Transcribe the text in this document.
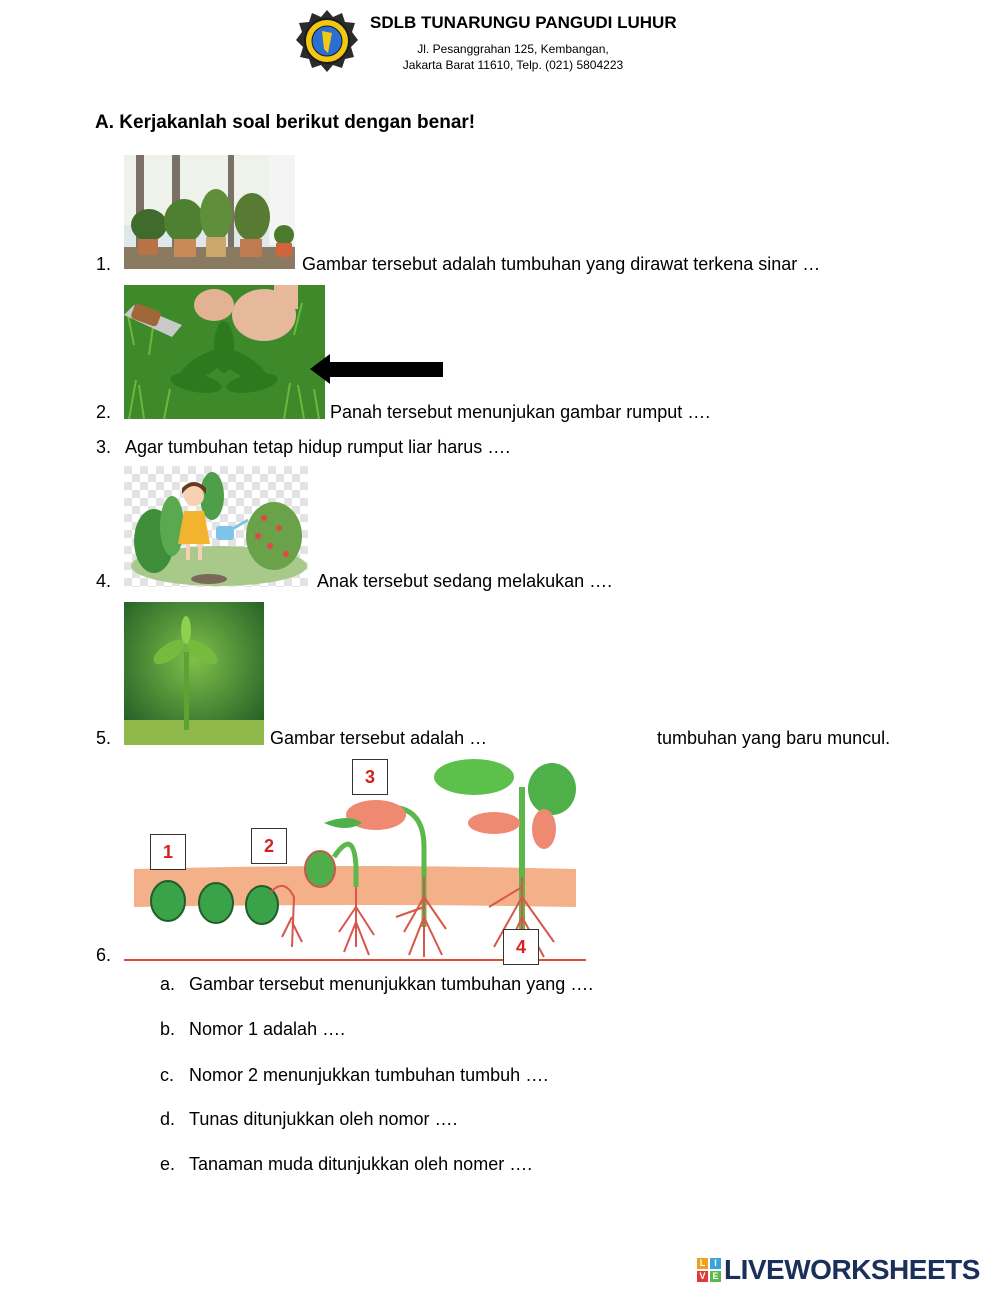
SDLB TUNARUNGU PANGUDI LUHUR
Jl. Pesanggrahan 125, Kembangan,
Jakarta Barat 11610, Telp. (021) 5804223
A. Kerjakanlah soal berikut dengan benar!
1.	Gambar tersebut adalah tumbuhan yang dirawat terkena sinar …
2.	Panah tersebut menunjukan gambar rumput ….
3. Agar tumbuhan tetap hidup rumput liar harus ….
4.	Anak tersebut sedang melakukan ….
5.	Gambar tersebut adalah …	tumbuhan yang baru muncul.
1	2
3
4
6.
a. Gambar tersebut menunjukkan tumbuhan yang ….
b. Nomor 1 adalah ….
c. Nomor 2 menunjukkan tumbuhan tumbuh ….
d. Tunas ditunjukkan oleh nomor ….
e. Tanaman muda ditunjukkan oleh nomer ….
L I
V E LIVEWORKSHEETS
